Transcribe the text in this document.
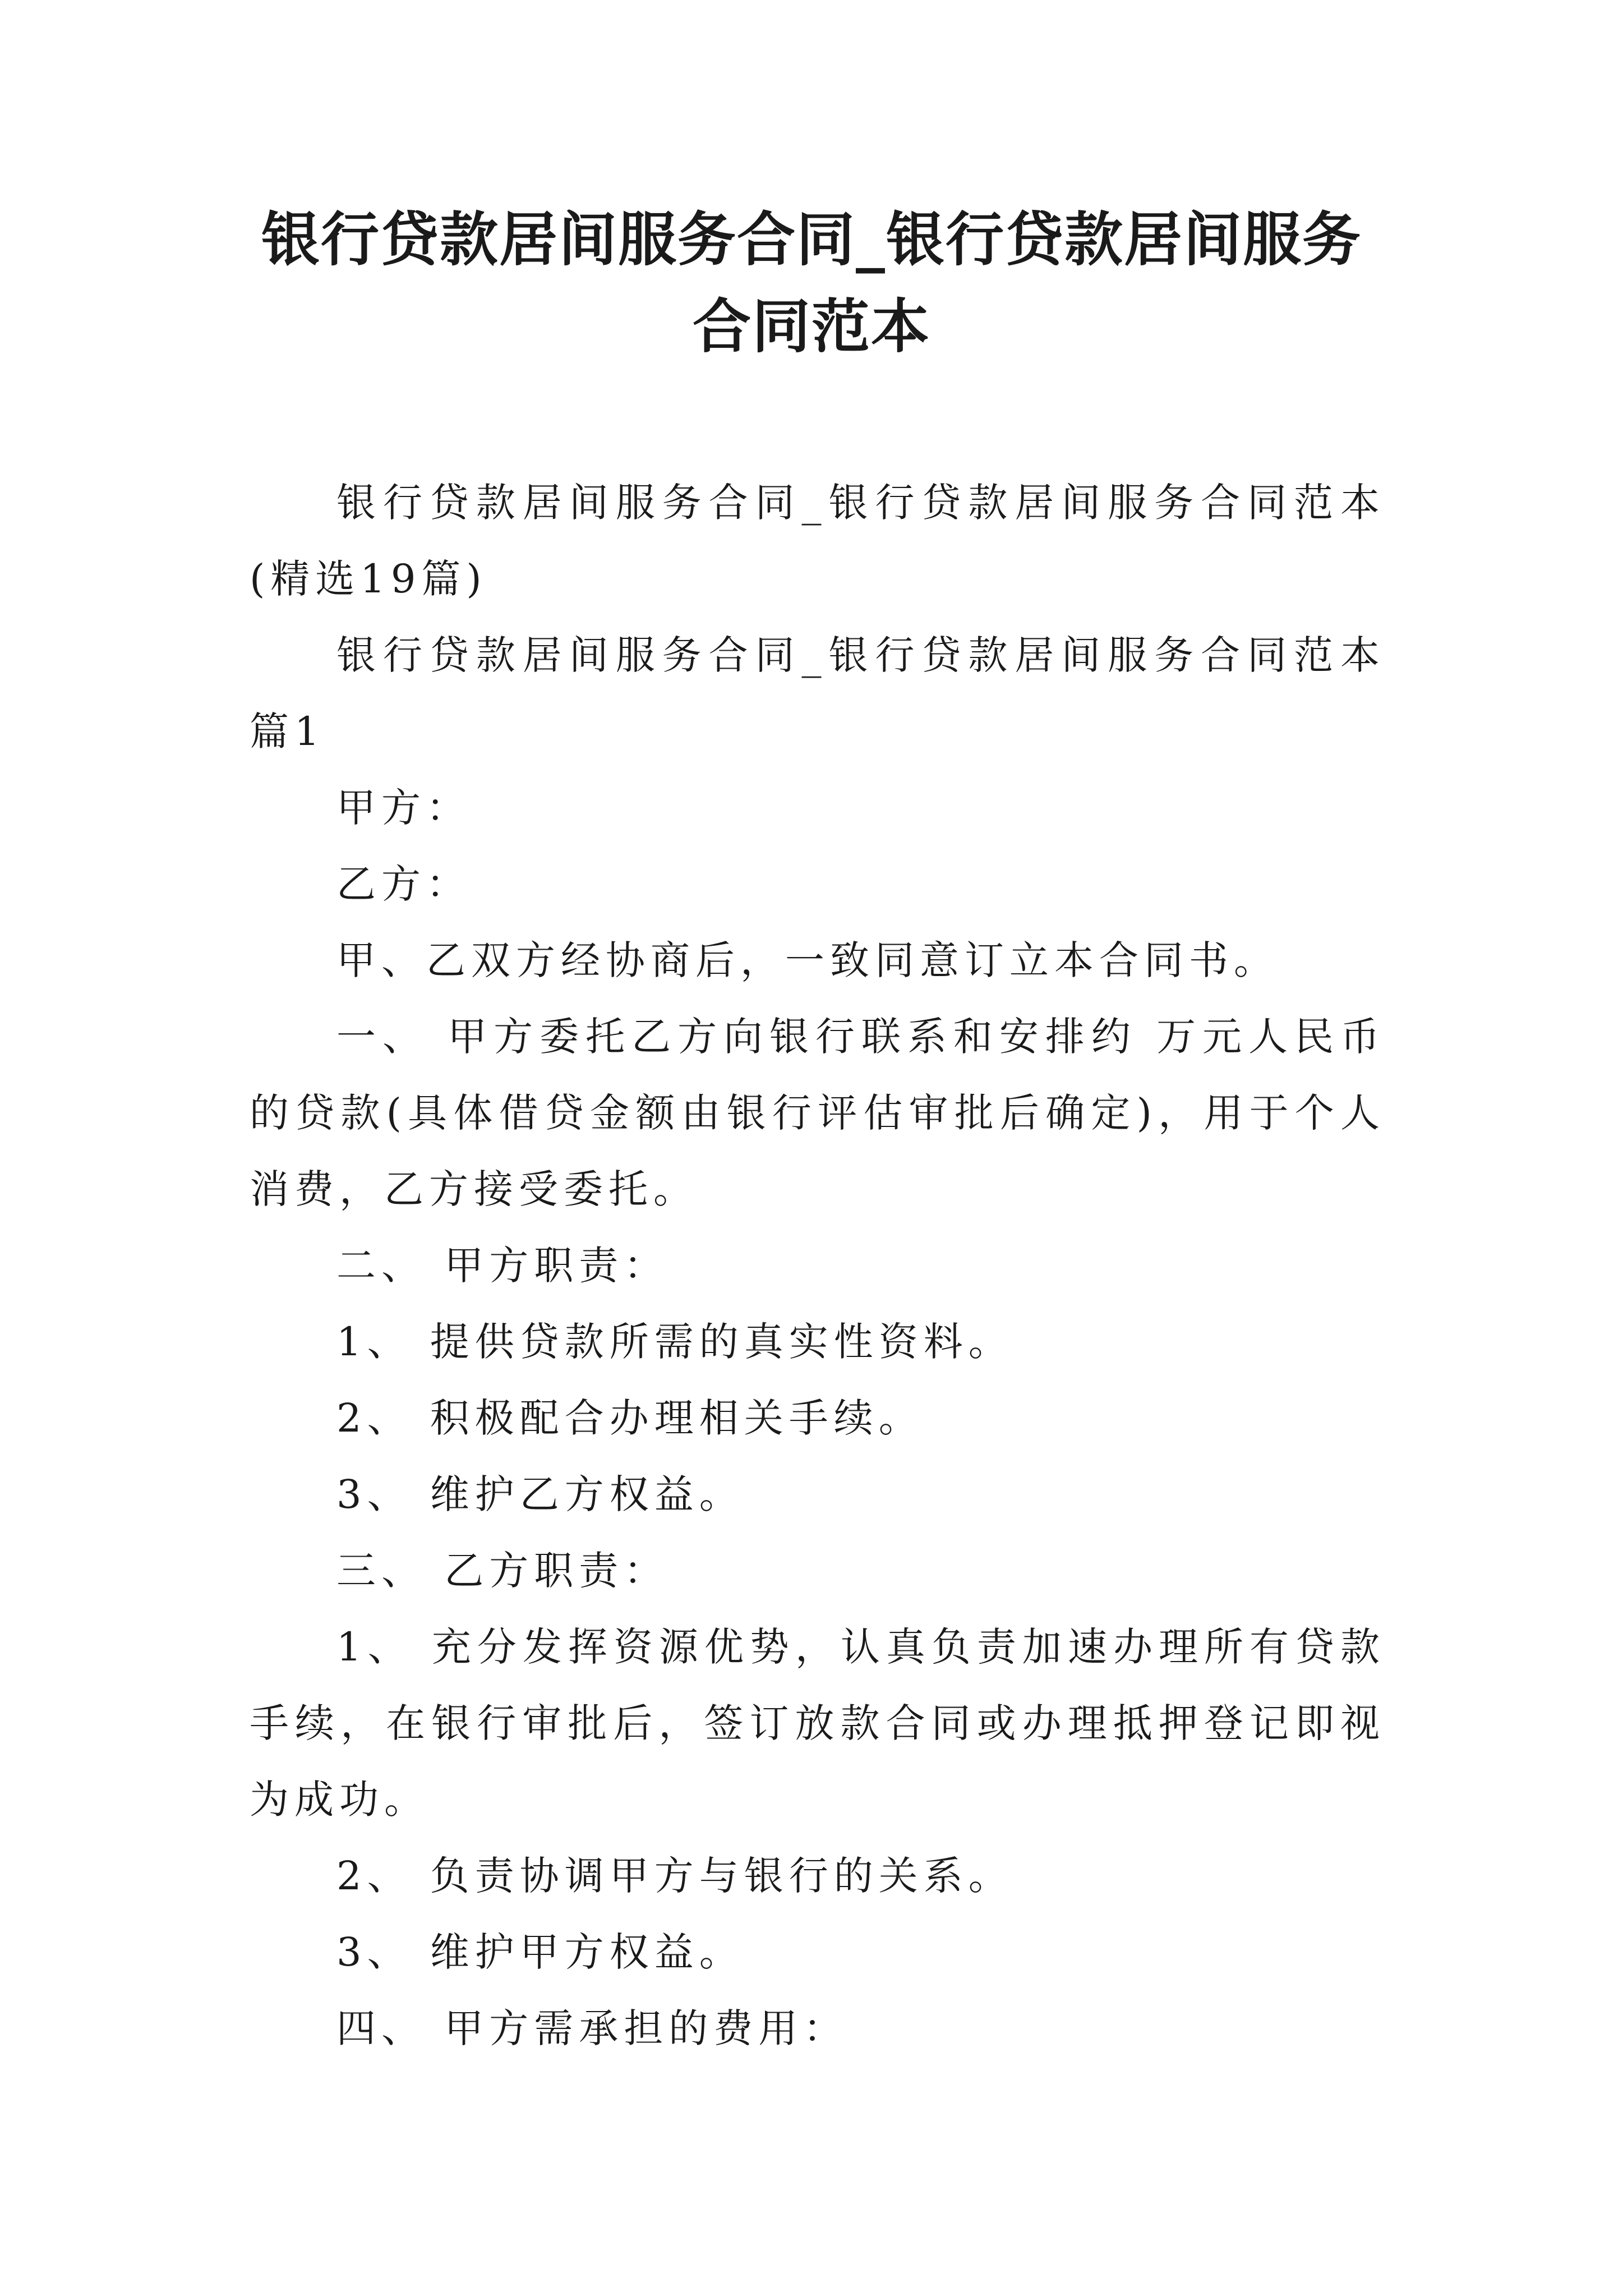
银行贷款居间服务合同_银行贷款居间服务合同范本

银行贷款居间服务合同_银行贷款居间服务合同范本(精选19篇)

银行贷款居间服务合同_银行贷款居间服务合同范本篇1

甲方：

乙方：

甲、乙双方经协商后，一致同意订立本合同书。

一、 甲方委托乙方向银行联系和安排约 万元人民币的贷款(具体借贷金额由银行评估审批后确定)，用于个人消费，乙方接受委托。

二、 甲方职责：

1、 提供贷款所需的真实性资料。

2、 积极配合办理相关手续。

3、 维护乙方权益。

三、 乙方职责：

1、 充分发挥资源优势，认真负责加速办理所有贷款手续，在银行审批后，签订放款合同或办理抵押登记即视为成功。

2、 负责协调甲方与银行的关系。

3、 维护甲方权益。

四、 甲方需承担的费用：
